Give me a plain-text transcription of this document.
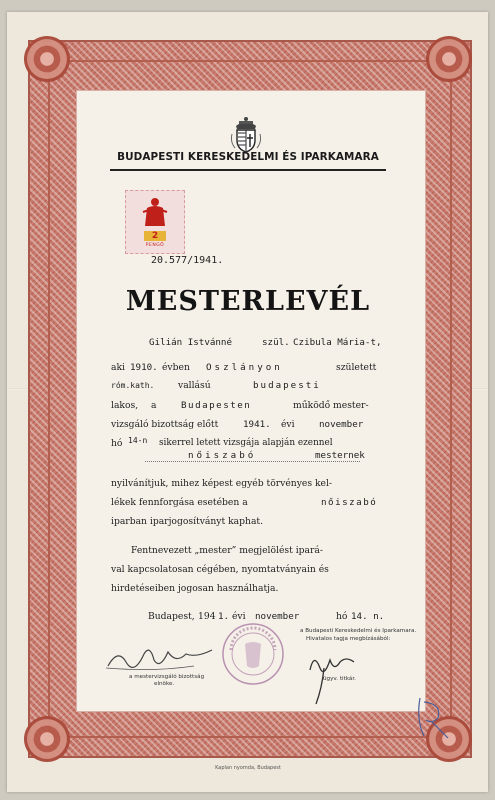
BUDAPESTI KERESKEDELMI ÉS IPARKAMARA
2
PENGŐ
20.577/1941.
MESTERLEVÉL
Gilián Istvánné	szül. Czibula Mária-t,
aki 1910. évben Oszlányon	született
róm.kath.	vallású	budapesti
lakos, a	Budapesten	működő mester-
vizsgáló bizottság előtt	1941. évi	november
hó 14-n sikerrel letett vizsgája alapján ezennel
nőiszabó	mesternek
nyilvánítjuk, mihez képest egyéb törvényes kel-
lékek fennforgása esetében a	nőiszabó
iparban iparjogosítványt kaphat.
Fentnevezett „mester” megjelölést ipará-
val kapcsolatosan cégében, nyomtatványain és
hirdetéseiben jogosan használhatja.
Budapest, 194 1. évi november	hó 14. n.
a mestervizsgáló bizottság
elnöke.
a Budapesti Kereskedelmi és Iparkamara.
Hivatalos tagja megbízásából:
ügyv. titkár.
Kaplan nyomda, Budapest
